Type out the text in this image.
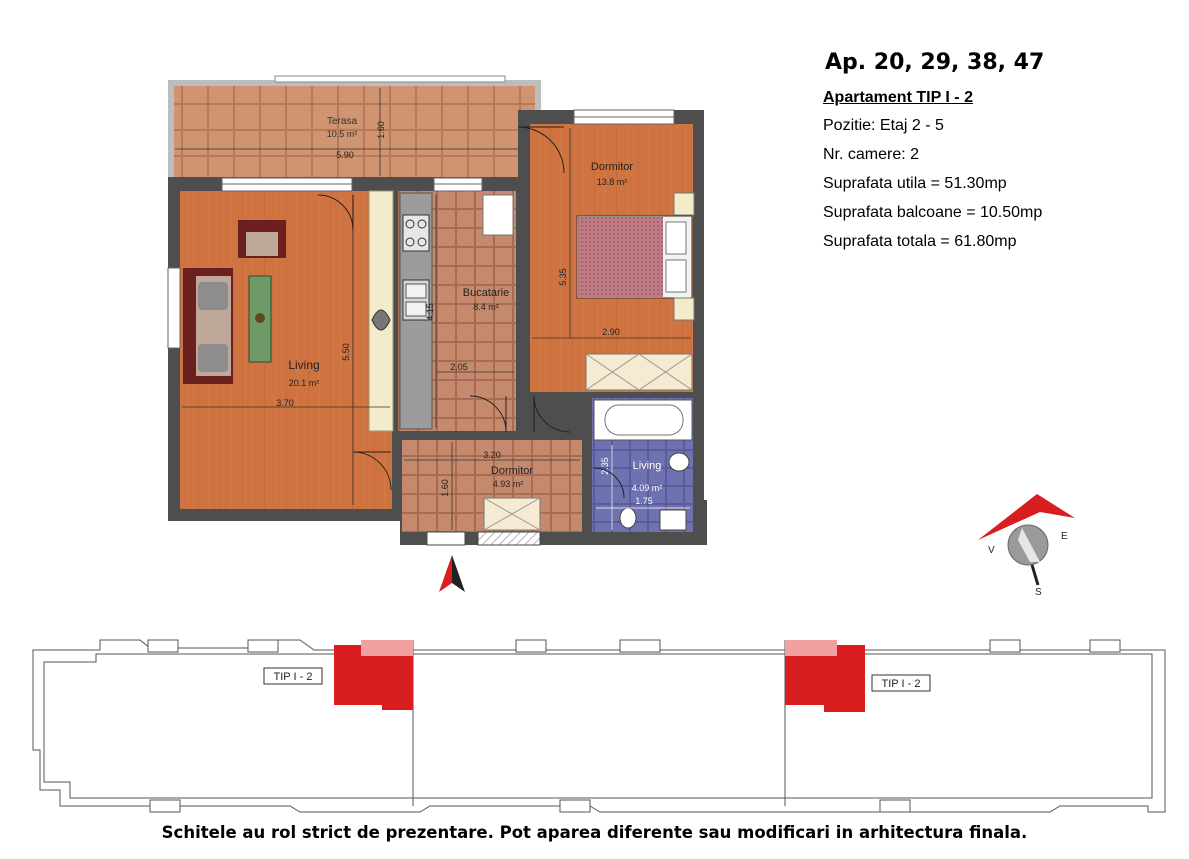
Terasa
10.5 m²
5.90
1.60
Living
20.1 m²
3.70
5.50
Bucatarie
8.4 m²
2.05
4.15
Dormitor
13.8 m²
2.90
5.35
Dormitor
4.93 m²
3.20
1.60
Living
4.09 m²
1.75
2.35
V
E
S
TIP I - 2
TIP I - 2
Ap. 20, 29, 38, 47
Apartament TIP I - 2
Pozitie: Etaj 2 - 5
Nr. camere: 2
Suprafata utila = 51.30mp
Suprafata balcoane = 10.50mp
Suprafata totala = 61.80mp
Schitele au rol strict de prezentare. Pot aparea diferente sau modificari in arhitectura finala.
